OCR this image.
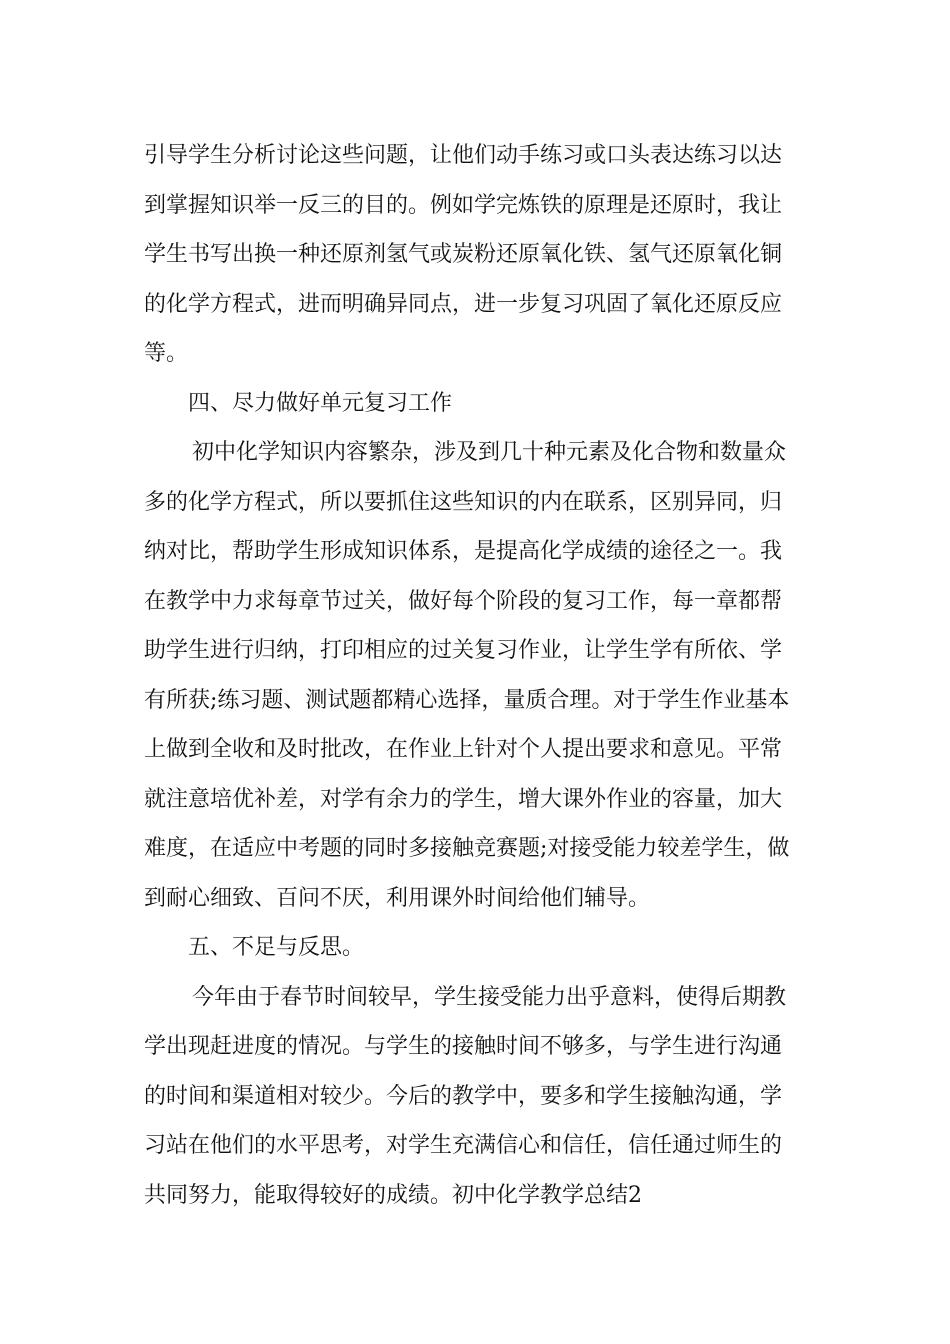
引导学生分析讨论这些问题，让他们动手练习或口头表达练习以达
到掌握知识举一反三的目的。例如学完炼铁的原理是还原时，我让
学生书写出换一种还原剂氢气或炭粉还原氧化铁、氢气还原氧化铜
的化学方程式，进而明确异同点，进一步复习巩固了氧化还原反应
等。
四、尽力做好单元复习工作
初中化学知识内容繁杂，涉及到几十种元素及化合物和数量众
多的化学方程式，所以要抓住这些知识的内在联系，区别异同，归
纳对比，帮助学生形成知识体系，是提高化学成绩的途径之一。我
在教学中力求每章节过关，做好每个阶段的复习工作，每一章都帮
助学生进行归纳，打印相应的过关复习作业，让学生学有所依、学
有所获;练习题、测试题都精心选择，量质合理。对于学生作业基本
上做到全收和及时批改，在作业上针对个人提出要求和意见。平常
就注意培优补差，对学有余力的学生，增大课外作业的容量，加大
难度，在适应中考题的同时多接触竞赛题;对接受能力较差学生，做
到耐心细致、百问不厌，利用课外时间给他们辅导。
五、不足与反思。
今年由于春节时间较早，学生接受能力出乎意料，使得后期教
学出现赶进度的情况。与学生的接触时间不够多，与学生进行沟通
的时间和渠道相对较少。今后的教学中，要多和学生接触沟通，学
习站在他们的水平思考，对学生充满信心和信任，信任通过师生的
共同努力，能取得较好的成绩。初中化学教学总结2
